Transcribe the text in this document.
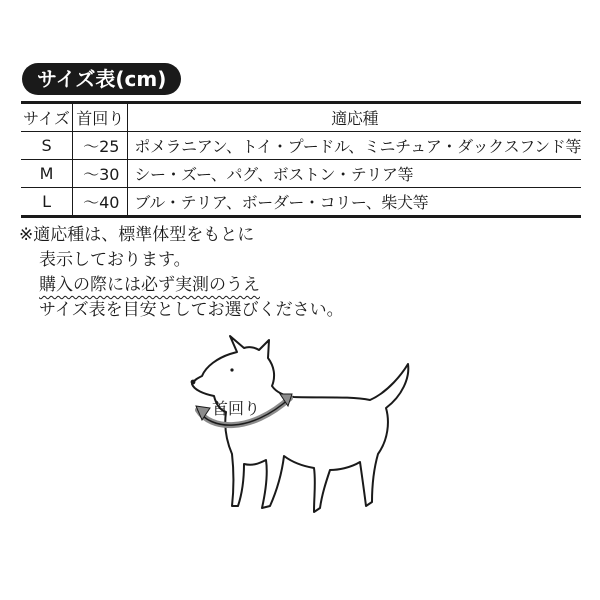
サイズ表(cm)
サイズ	首回り	適応種
S	～25	ポメラニアン、トイ・プードル、ミニチュア・ダックスフンド等
M	～30	シー・ズー、パグ、ボストン・テリア等
L	～40	ブル・テリア、ボーダー・コリー、柴犬等
※適応種は、標準体型をもとに
表示しております。
購入の際には必ず実測のうえ
サイズ表を目安としてお選びください。
首回り
